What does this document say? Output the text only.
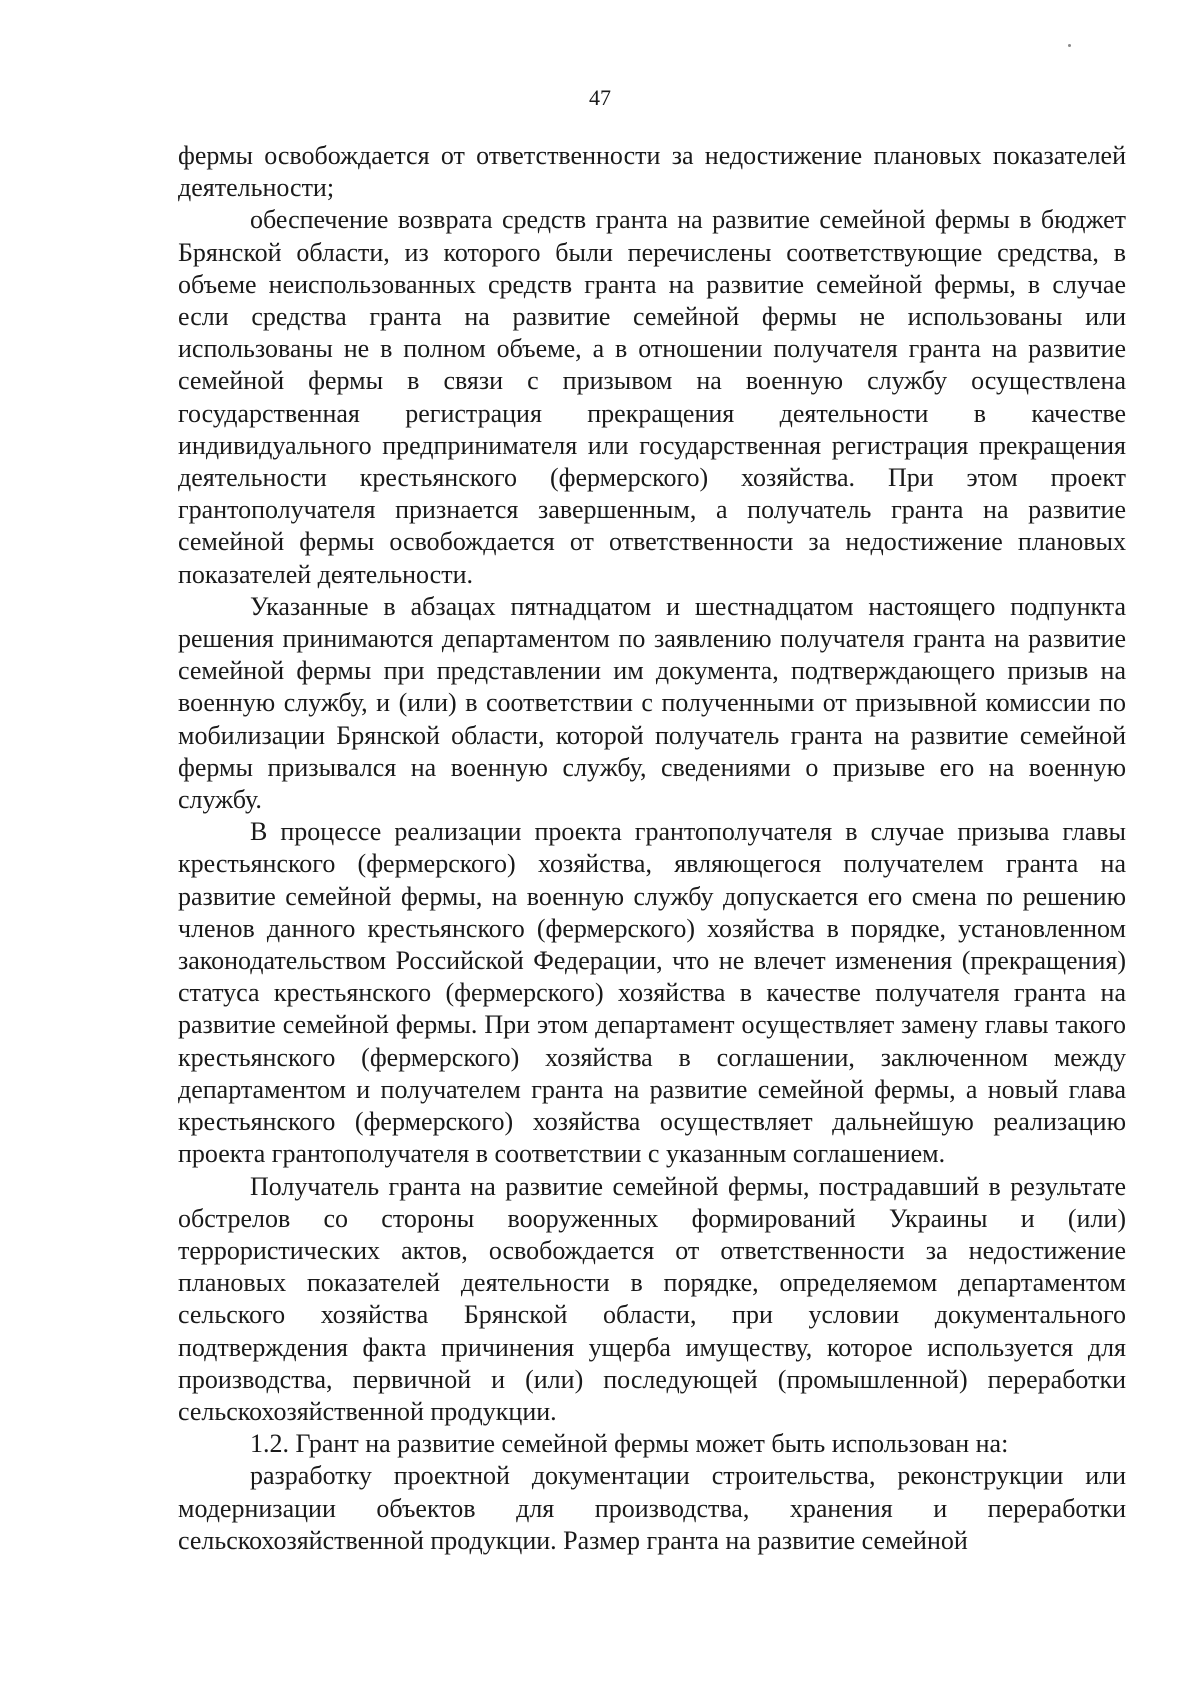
47

фермы освобождается от ответственности за недостижение плановых показателей деятельности;

обеспечение возврата средств гранта на развитие семейной фермы в бюджет Брянской области, из которого были перечислены соответствующие средства, в объеме неиспользованных средств гранта на развитие семейной фермы, в случае если средства гранта на развитие семейной фермы не использованы или использованы не в полном объеме, а в отношении получателя гранта на развитие семейной фермы в связи с призывом на военную службу осуществлена государственная регистрация прекращения деятельности в качестве индивидуального предпринимателя или государственная регистрация прекращения деятельности крестьянского (фермерского) хозяйства. При этом проект грантополучателя признается завершенным, а получатель гранта на развитие семейной фермы освобождается от ответственности за недостижение плановых показателей деятельности.

Указанные в абзацах пятнадцатом и шестнадцатом настоящего подпункта решения принимаются департаментом по заявлению получателя гранта на развитие семейной фермы при представлении им документа, подтверждающего призыв на военную службу, и (или) в соответствии с полученными от призывной комиссии по мобилизации Брянской области, которой получатель гранта на развитие семейной фермы призывался на военную службу, сведениями о призыве его на военную службу.

В процессе реализации проекта грантополучателя в случае призыва главы крестьянского (фермерского) хозяйства, являющегося получателем гранта на развитие семейной фермы, на военную службу допускается его смена по решению членов данного крестьянского (фермерского) хозяйства в порядке, установленном законодательством Российской Федерации, что не влечет изменения (прекращения) статуса крестьянского (фермерского) хозяйства в качестве получателя гранта на развитие семейной фермы. При этом департамент осуществляет замену главы такого крестьянского (фермерского) хозяйства в соглашении, заключенном между департаментом и получателем гранта на развитие семейной фермы, а новый глава крестьянского (фермерского) хозяйства осуществляет дальнейшую реализацию проекта грантополучателя в соответствии с указанным соглашением.

Получатель гранта на развитие семейной фермы, пострадавший в результате обстрелов со стороны вооруженных формирований Украины и (или) террористических актов, освобождается от ответственности за недостижение плановых показателей деятельности в порядке, определяемом департаментом сельского хозяйства Брянской области, при условии документального подтверждения факта причинения ущерба имуществу, которое используется для производства, первичной и (или) последующей (промышленной) переработки сельскохозяйственной продукции.

1.2. Грант на развитие семейной фермы может быть использован на:

разработку проектной документации строительства, реконструкции или модернизации объектов для производства, хранения и переработки сельскохозяйственной продукции. Размер гранта на развитие семейной
